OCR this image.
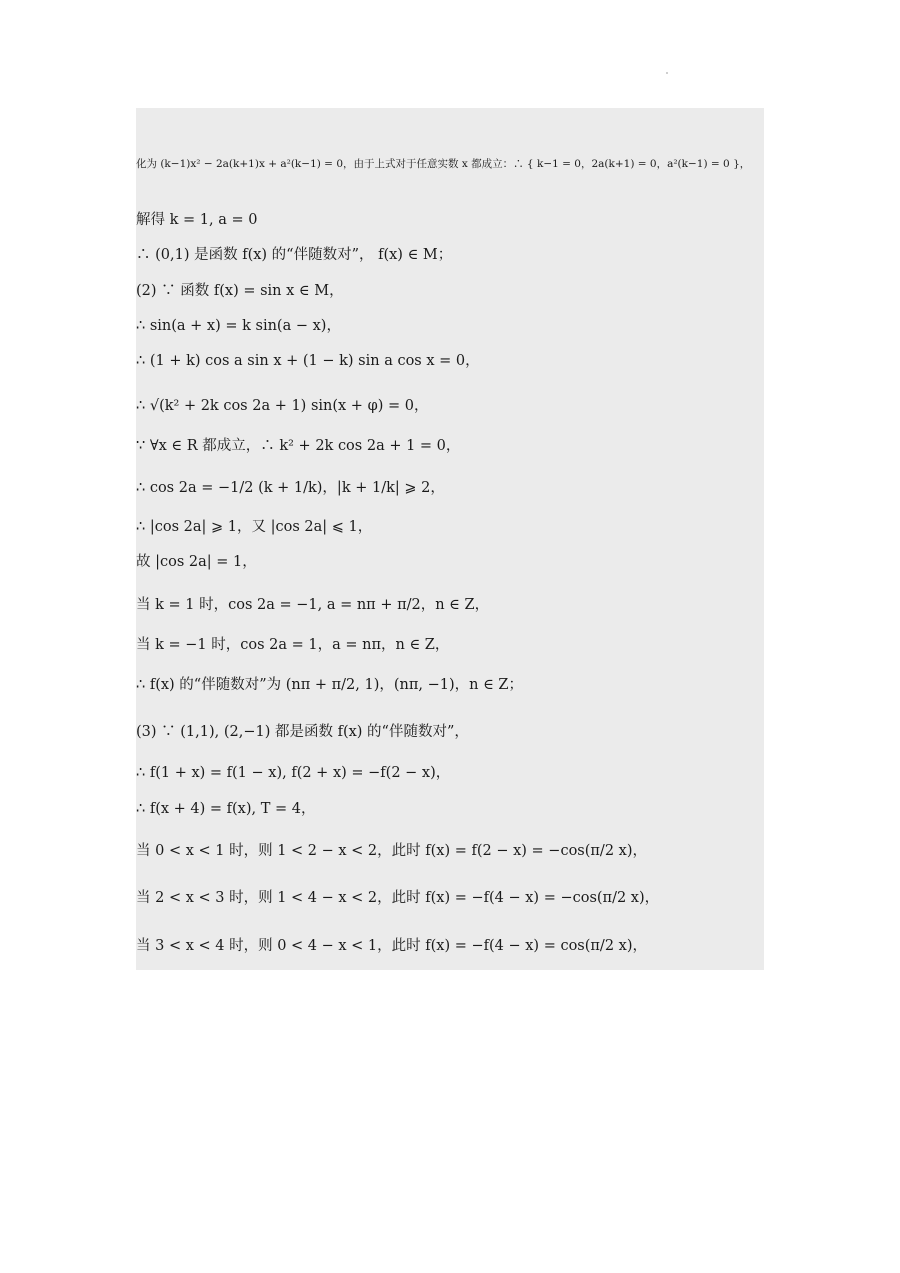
化为 (k−1)x² − 2a(k+1)x + a²(k−1) = 0，由于上式对于任意实数 x 都成立：∴ { k−1 = 0，2a(k+1) = 0，a²(k−1) = 0 }，
解得 k = 1, a = 0
∴ (0,1) 是函数 f(x) 的“伴随数对”， f(x) ∈ M；
(2) ∵ 函数 f(x) = sin x ∈ M，
∴ sin(a + x) = k sin(a − x)，
∴ (1 + k) cos a sin x + (1 − k) sin a cos x = 0，
∴ √(k² + 2k cos 2a + 1) sin(x + φ) = 0，
∵ ∀x ∈ R 都成立，∴ k² + 2k cos 2a + 1 = 0，
∴ cos 2a = −1/2 (k + 1/k)，|k + 1/k| ⩾ 2，
∴ |cos 2a| ⩾ 1，又 |cos 2a| ⩽ 1，
故 |cos 2a| = 1，
当 k = 1 时，cos 2a = −1, a = nπ + π/2，n ∈ Z，
当 k = −1 时，cos 2a = 1，a = nπ，n ∈ Z，
∴ f(x) 的“伴随数对”为 (nπ + π/2, 1)，(nπ, −1)，n ∈ Z；
(3) ∵ (1,1), (2,−1) 都是函数 f(x) 的“伴随数对”，
∴ f(1 + x) = f(1 − x), f(2 + x) = −f(2 − x)，
∴ f(x + 4) = f(x), T = 4，
当 0 < x < 1 时，则 1 < 2 − x < 2，此时 f(x) = f(2 − x) = −cos(π/2 x)，
当 2 < x < 3 时，则 1 < 4 − x < 2，此时 f(x) = −f(4 − x) = −cos(π/2 x)，
当 3 < x < 4 时，则 0 < 4 − x < 1，此时 f(x) = −f(4 − x) = cos(π/2 x)，
